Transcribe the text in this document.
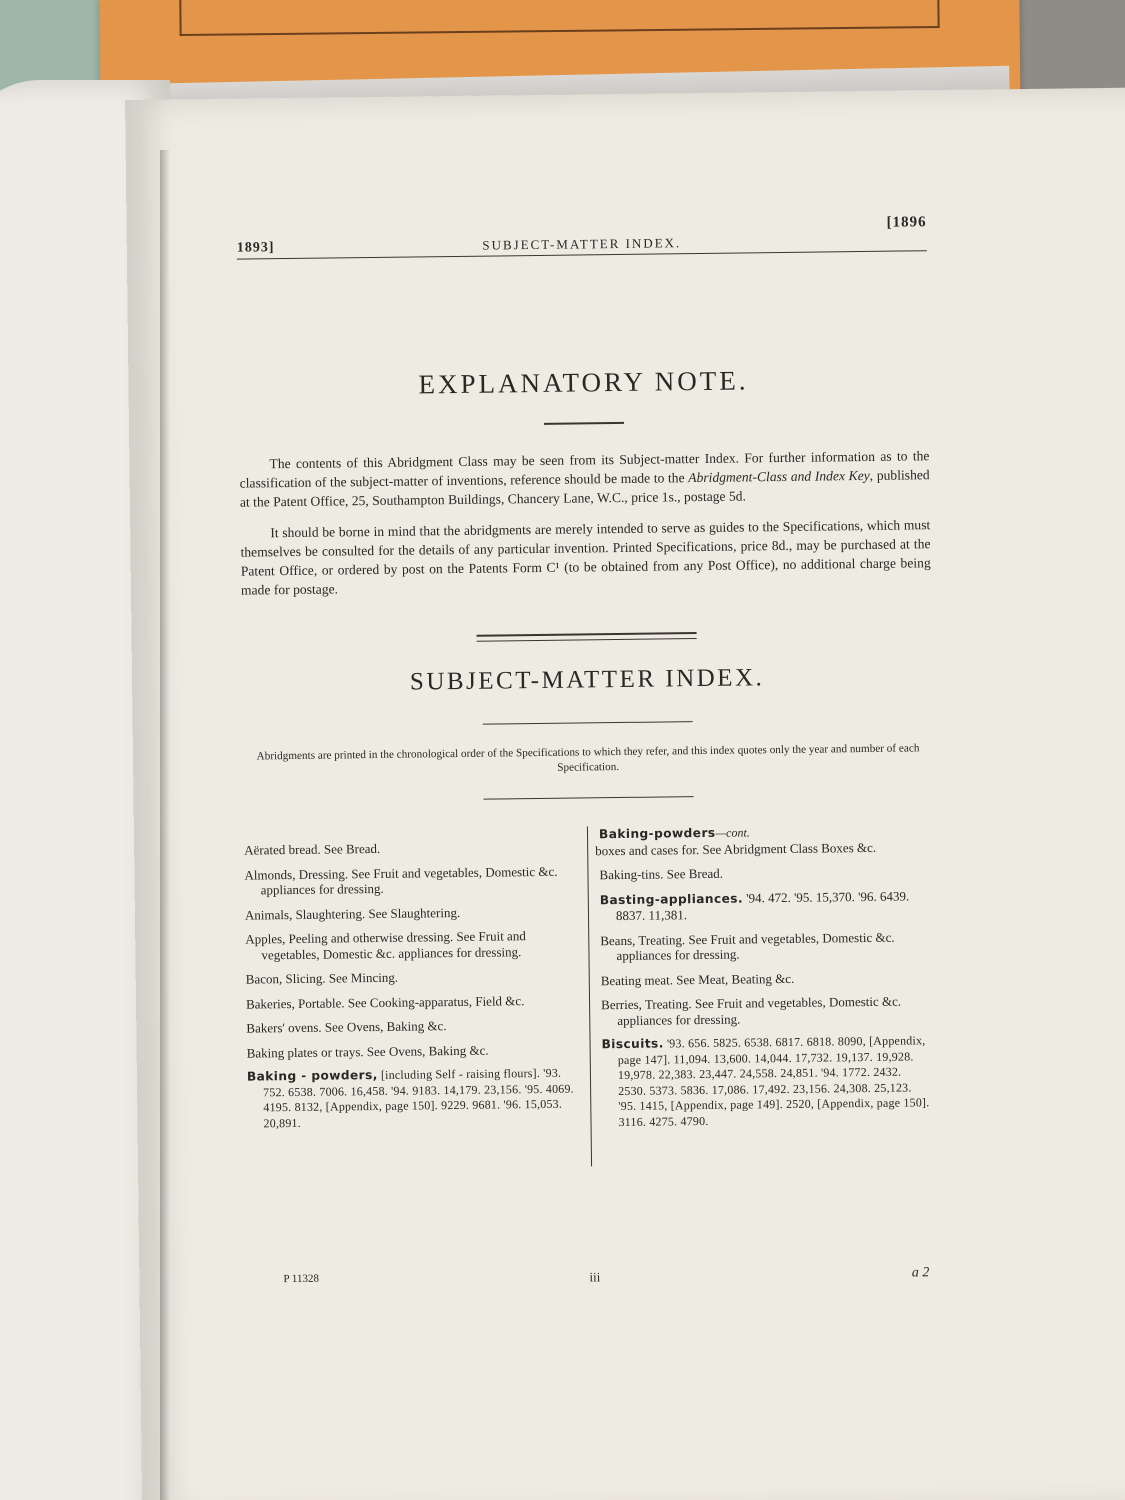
1893]	SUBJECT-MATTER INDEX.
[1896
EXPLANATORY NOTE.

The contents of this Abridgment Class may be seen from its Subject-matter Index. For further information as to the classification of the subject-matter of inventions, reference should be made to the Abridgment-Class and Index Key, published at the Patent Office, 25, Southampton Buildings, Chancery Lane, W.C., price 1s., postage 5d.

It should be borne in mind that the abridgments are merely intended to serve as guides to the Specifications, which must themselves be consulted for the details of any particular invention. Printed Specifications, price 8d., may be purchased at the Patent Office, or ordered by post on the Patents Form C¹ (to be obtained from any Post Office), no additional charge being made for postage.

SUBJECT-MATTER INDEX.
Abridgments are printed in the chronological order of the Specifications to which they refer, and this index quotes only the year and number of each Specification.
Aërated bread. See Bread.
Almonds, Dressing. See Fruit and vegetables, Domestic &c. appliances for dressing.
Animals, Slaughtering. See Slaughtering.
Apples, Peeling and otherwise dressing. See Fruit and vegetables, Domestic &c. appliances for dressing.
Bacon, Slicing. See Mincing.
Bakeries, Portable. See Cooking-apparatus, Field &c.
Bakers' ovens. See Ovens, Baking &c.
Baking plates or trays. See Ovens, Baking &c.
Baking - powders, [including Self - raising flours]. '93. 752. 6538. 7006. 16,458. '94. 9183. 14,179. 23,156. '95. 4069. 4195. 8132, [Appendix, page 150]. 9229. 9681. '96. 15,053. 20,891.
Baking-powders—cont.
boxes and cases for. See Abridgment Class Boxes &c.
Baking-tins. See Bread.
Basting-appliances. '94. 472. '95. 15,370. '96. 6439. 8837. 11,381.
Beans, Treating. See Fruit and vegetables, Domestic &c. appliances for dressing.
Beating meat. See Meat, Beating &c.
Berries, Treating. See Fruit and vegetables, Domestic &c. appliances for dressing.
Biscuits. '93. 656. 5825. 6538. 6817. 6818. 8090, [Appendix, page 147]. 11,094. 13,600. 14,044. 17,732. 19,137. 19,928. 19,978. 22,383. 23,447. 24,558. 24,851. '94. 1772. 2432. 2530. 5373. 5836. 17,086. 17,492. 23,156. 24,308. 25,123. '95. 1415, [Appendix, page 149]. 2520, [Appendix, page 150]. 3116. 4275. 4790.
P 11328	iii	a 2
